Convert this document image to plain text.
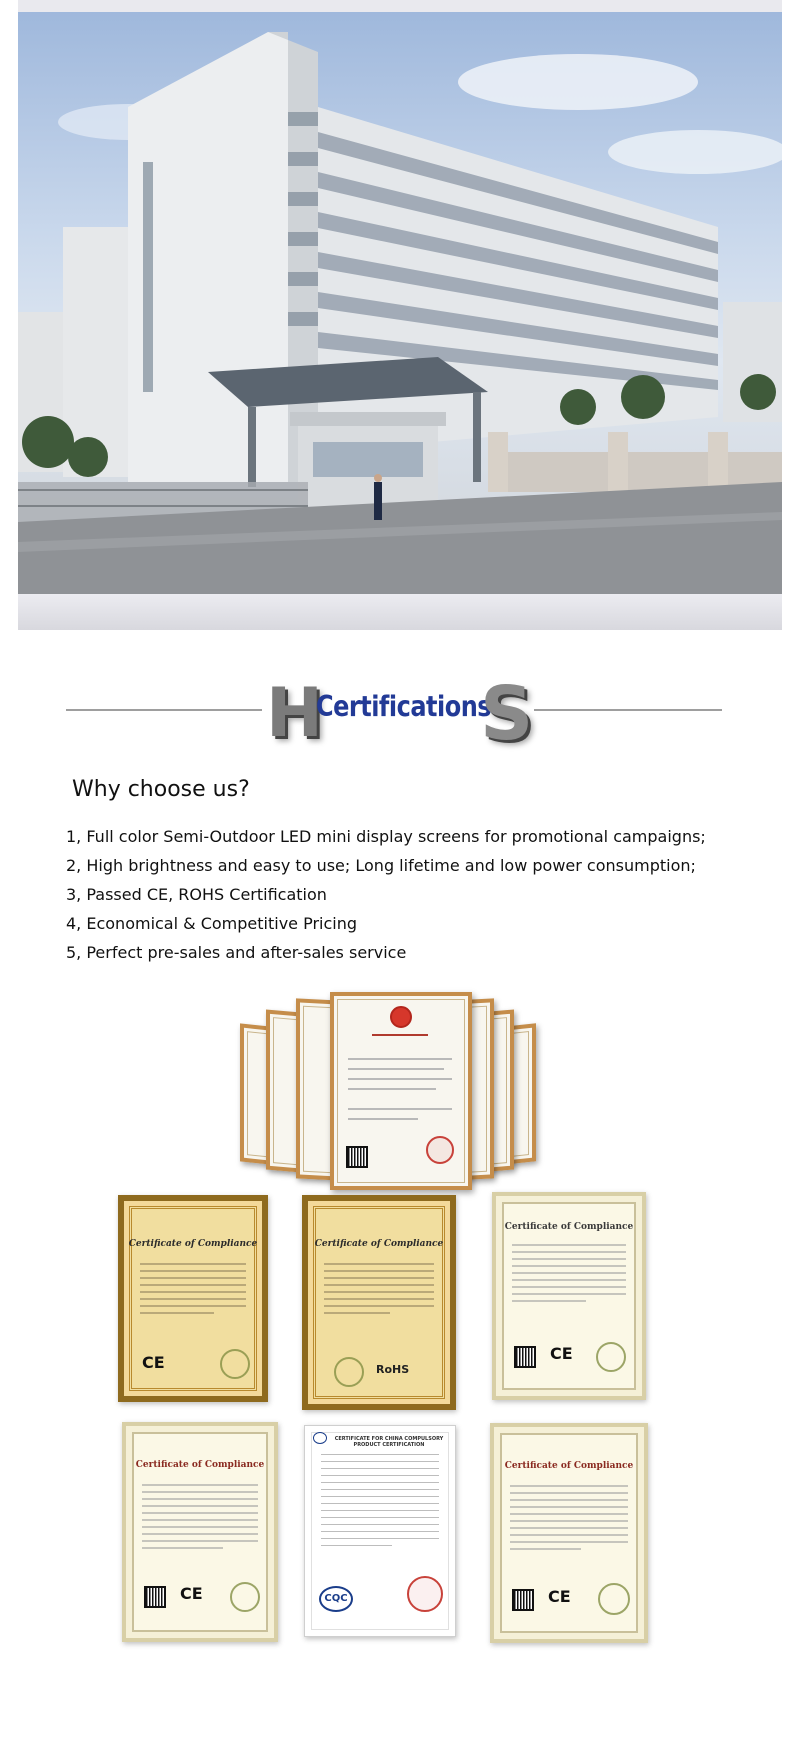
H
Certifications
S
Why choose us?
1, Full color Semi-Outdoor LED mini display screens for promotional campaigns;
2, High brightness and easy to use; Long lifetime and low power consumption;
3, Passed CE, ROHS Certification
4, Economical & Competitive Pricing
5, Perfect pre-sales and after-sales service
Certificate of Compliance
CE
Certificate of Compliance
RoHS
Certificate of Compliance
CE
Certificate of Compliance
CE
CERTIFICATE FOR CHINA COMPULSORY PRODUCT CERTIFICATION
CQC
Certificate of Compliance
CE
